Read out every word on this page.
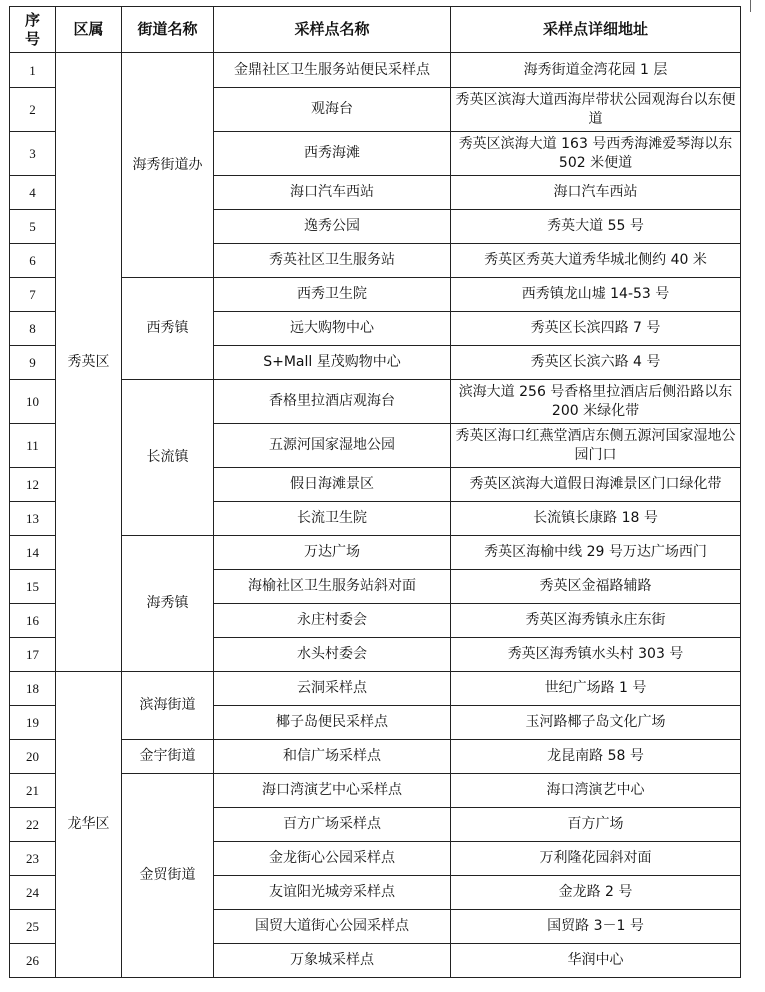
序号	区属	街道名称	采样点名称	采样点详细地址
1	秀英区	海秀街道办	金鼎社区卫生服务站便民采样点	海秀街道金湾花园 1 层
2			观海台	秀英区滨海大道西海岸带状公园观海台以东便道
3			西秀海滩	秀英区滨海大道 163 号西秀海滩爱琴海以东 502 米便道
4			海口汽车西站	海口汽车西站
5			逸秀公园	秀英大道 55 号
6			秀英社区卫生服务站	秀英区秀英大道秀华城北侧约 40 米
7		西秀镇	西秀卫生院	西秀镇龙山墟 14-53 号
8			远大购物中心	秀英区长滨四路 7 号
9			S+Mall 星茂购物中心	秀英区长滨六路 4 号
10		长流镇	香格里拉酒店观海台	滨海大道 256 号香格里拉酒店后侧沿路以东 200 米绿化带
11			五源河国家湿地公园	秀英区海口红燕堂酒店东侧五源河国家湿地公园门口
12			假日海滩景区	秀英区滨海大道假日海滩景区门口绿化带
13			长流卫生院	长流镇长康路 18 号
14		海秀镇	万达广场	秀英区海榆中线 29 号万达广场西门
15			海榆社区卫生服务站斜对面	秀英区金福路辅路
16			永庄村委会	秀英区海秀镇永庄东街
17			水头村委会	秀英区海秀镇水头村 303 号
18	龙华区	滨海街道	云洞采样点	世纪广场路 1 号
19			椰子岛便民采样点	玉河路椰子岛文化广场
20		金宇街道	和信广场采样点	龙昆南路 58 号
21		金贸街道	海口湾演艺中心采样点	海口湾演艺中心
22			百方广场采样点	百方广场
23			金龙街心公园采样点	万利隆花园斜对面
24			友谊阳光城旁采样点	金龙路 2 号
25			国贸大道街心公园采样点	国贸路 3－1 号
26			万象城采样点	华润中心
